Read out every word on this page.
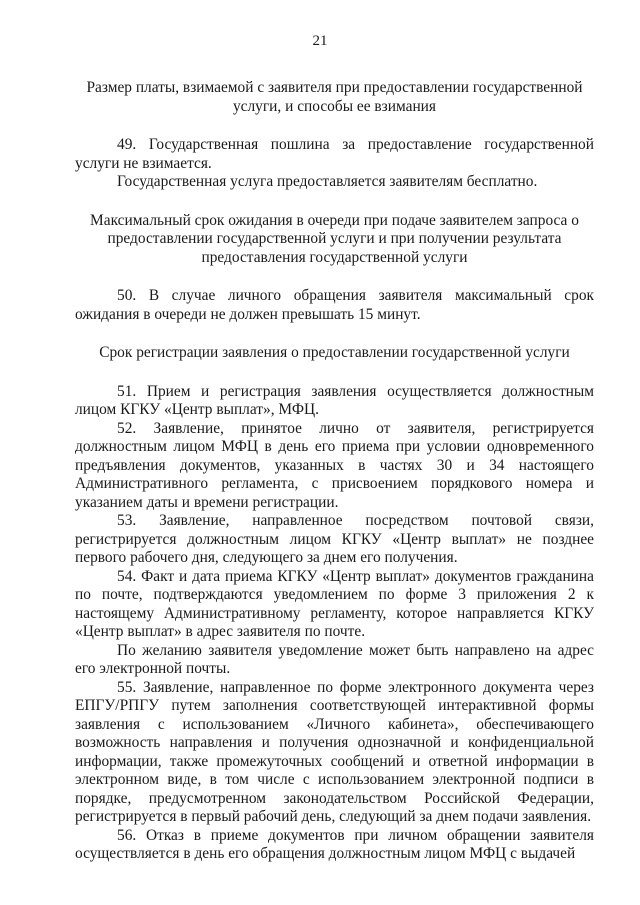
21
Размер платы, взимаемой с заявителя при предоставлении государственной услуги, и способы ее взимания

49. Государственная пошлина за предоставление государственной услуги не взимается.

Государственная услуга предоставляется заявителям бесплатно.

Максимальный срок ожидания в очереди при подаче заявителем запроса о предоставлении государственной услуги и при получении результата предоставления государственной услуги

50. В случае личного обращения заявителя максимальный срок ожидания в очереди не должен превышать 15 минут.

Срок регистрации заявления о предоставлении государственной услуги

51. Прием и регистрация заявления осуществляется должностным лицом КГКУ «Центр выплат», МФЦ.

52. Заявление, принятое лично от заявителя, регистрируется должностным лицом МФЦ в день его приема при условии одновременного предъявления документов, указанных в частях 30 и 34 настоящего Административного регламента, с присвоением порядкового номера и указанием даты и времени регистрации.

53. Заявление, направленное посредством почтовой связи, регистрируется должностным лицом КГКУ «Центр выплат» не позднее первого рабочего дня, следующего за днем его получения.

54. Факт и дата приема КГКУ «Центр выплат» документов гражданина по почте, подтверждаются уведомлением по форме 3 приложения 2 к настоящему Административному регламенту, которое направляется КГКУ «Центр выплат» в адрес заявителя по почте.

По желанию заявителя уведомление может быть направлено на адрес его электронной почты.

55. Заявление, направленное по форме электронного документа через ЕПГУ/РПГУ путем заполнения соответствующей интерактивной формы заявления с использованием «Личного кабинета», обеспечивающего возможность направления и получения однозначной и конфиденциальной информации, также промежуточных сообщений и ответной информации в электронном виде, в том числе с использованием электронной подписи в порядке, предусмотренном законодательством Российской Федерации, регистрируется в первый рабочий день, следующий за днем подачи заявления.

56. Отказ в приеме документов при личном обращении заявителя осуществляется в день его обращения должностным лицом МФЦ с выдачей
